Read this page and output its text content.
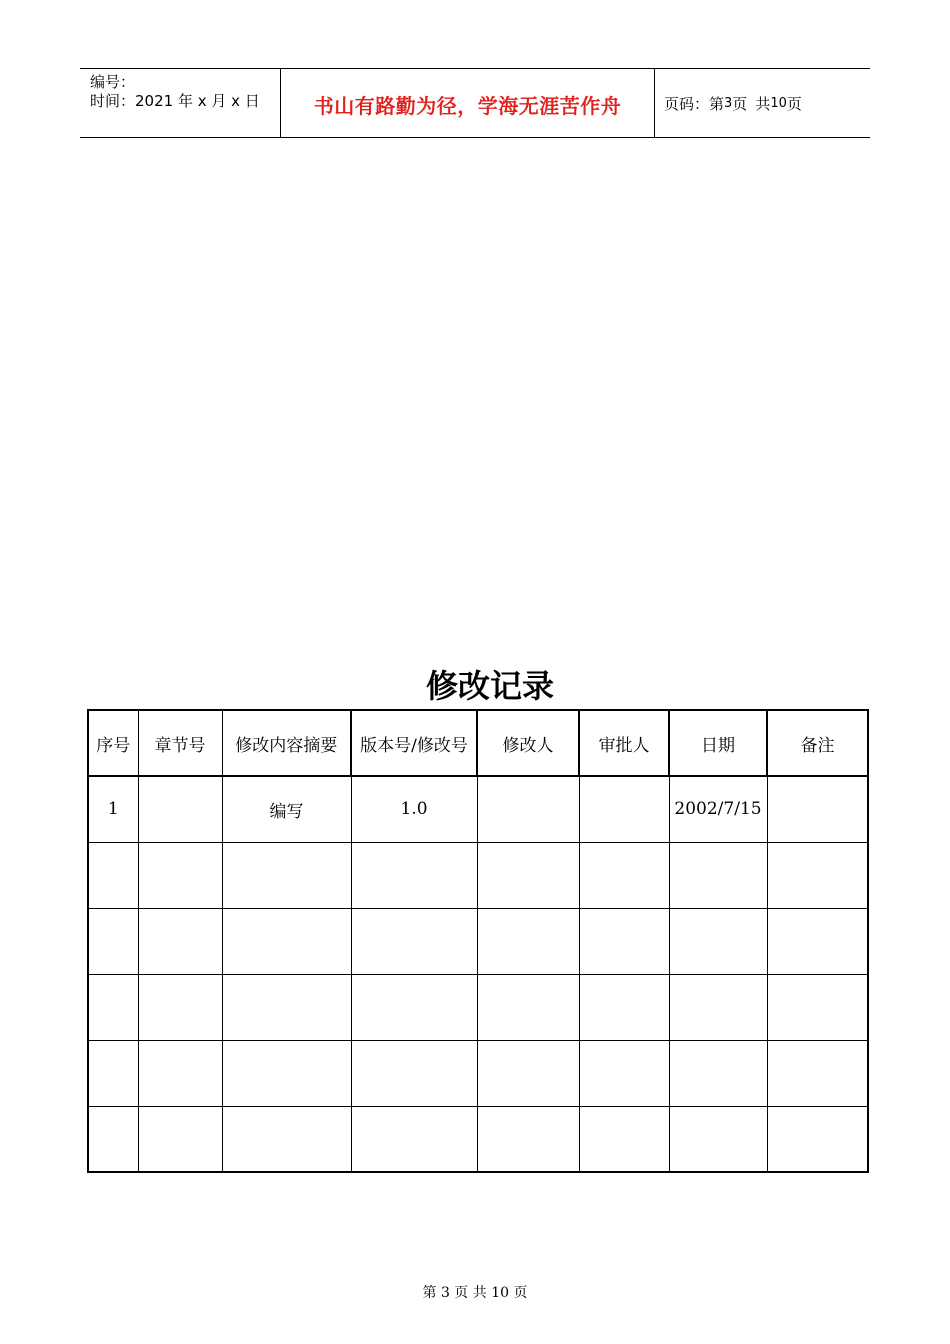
编号：
时间：2021 年 x 月 x 日	书山有路勤为径，学海无涯苦作舟	页码：第 3 页 共 10 页
修改记录
序号	章节号	修改内容摘要	版本号/修改号	修改人	审批人	日期	备注
1		编写	1.0			2002/7/15	

第 3 页 共 10 页
